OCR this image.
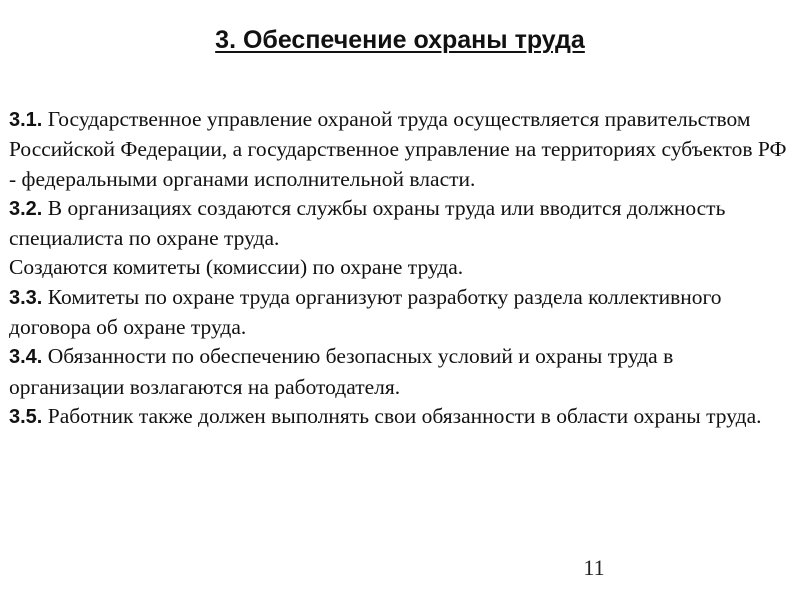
3. Обеспечение охраны труда

3.1. Государственное управление охраной труда осуществляется правительством Российской Федерации, а государственное управление на территориях субъектов РФ - федеральными органами исполнительной власти.

3.2. В организациях создаются службы охраны труда или вводится должность специалиста по охране труда.

Создаются комитеты (комиссии) по охране труда.

3.3. Комитеты по охране труда организуют разработку раздела коллективного договора об охране труда.

3.4. Обязанности по обеспечению безопасных условий и охраны труда в организации возлагаются на работодателя.

3.5. Работник также должен выполнять свои обязанности в области охраны труда.

11
